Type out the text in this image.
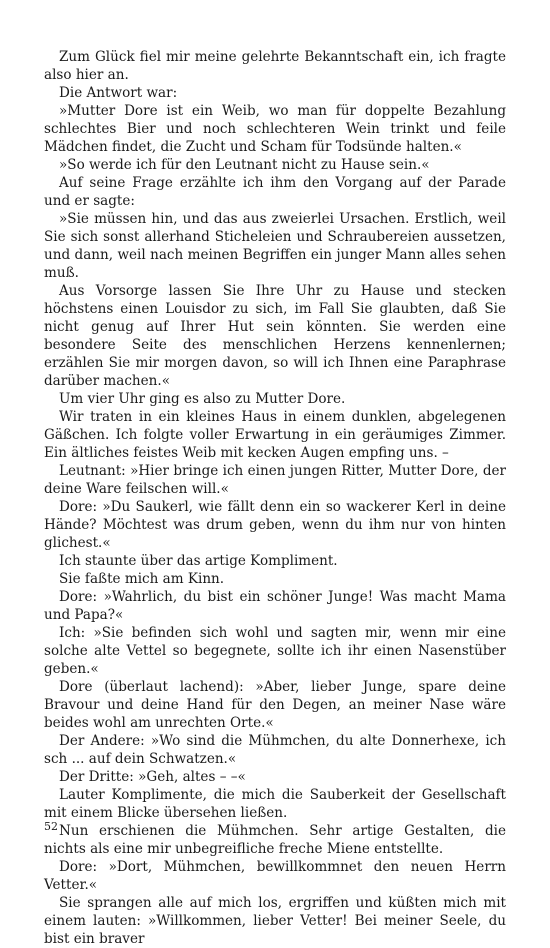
Zum Glück fiel mir meine gelehrte Bekanntschaft ein, ich fragte also hier an.

Die Antwort war:

»Mutter Dore ist ein Weib, wo man für doppelte Bezahlung schlechtes Bier und noch schlechteren Wein trinkt und feile Mädchen findet, die Zucht und Scham für Todsünde halten.«

»So werde ich für den Leutnant nicht zu Hause sein.«

Auf seine Frage erzählte ich ihm den Vorgang auf der Parade und er sagte:

»Sie müssen hin, und das aus zweierlei Ursachen. Erstlich, weil Sie sich sonst allerhand Sticheleien und Schraubereien aussetzen, und dann, weil nach meinen Begriffen ein junger Mann alles sehen muß.

Aus Vorsorge lassen Sie Ihre Uhr zu Hause und stecken höchstens einen Louisdor zu sich, im Fall Sie glaubten, daß Sie nicht genug auf Ihrer Hut sein könnten. Sie werden eine besondere Seite des menschlichen Herzens kennenlernen; erzählen Sie mir morgen davon, so will ich Ihnen eine Paraphrase darüber machen.«

Um vier Uhr ging es also zu Mutter Dore.

Wir traten in ein kleines Haus in einem dunklen, abgelegenen Gäßchen. Ich folgte voller Erwartung in ein geräumiges Zimmer. Ein ältliches feistes Weib mit kecken Augen empfing uns. –

Leutnant: »Hier bringe ich einen jungen Ritter, Mutter Dore, der deine Ware feilschen will.«

Dore: »Du Saukerl, wie fällt denn ein so wackerer Kerl in deine Hände? Möchtest was drum geben, wenn du ihm nur von hinten glichest.«

Ich staunte über das artige Kompliment.

Sie faßte mich am Kinn.

Dore: »Wahrlich, du bist ein schöner Junge! Was macht Mama und Papa?«

Ich: »Sie befinden sich wohl und sagten mir, wenn mir eine solche alte Vettel so begegnete, sollte ich ihr einen Nasenstüber geben.«

Dore (überlaut lachend): »Aber, lieber Junge, spare deine Bravour und deine Hand für den Degen, an meiner Nase wäre beides wohl am unrechten Orte.«

Der Andere: »Wo sind die Mühmchen, du alte Donnerhexe, ich sch ... auf dein Schwatzen.«

Der Dritte: »Geh, altes – –«

Lauter Komplimente, die mich die Sauberkeit der Gesellschaft mit einem Blicke übersehen ließen.

Nun erschienen die Mühmchen. Sehr artige Gestalten, die nichts als eine mir unbegreifliche freche Miene entstellte.

Dore: »Dort, Mühmchen, bewillkommnet den neuen Herrn Vetter.«

Sie sprangen alle auf mich los, ergriffen und küßten mich mit einem lauten: »Willkommen, lieber Vetter! Bei meiner Seele, du bist ein braver

52
